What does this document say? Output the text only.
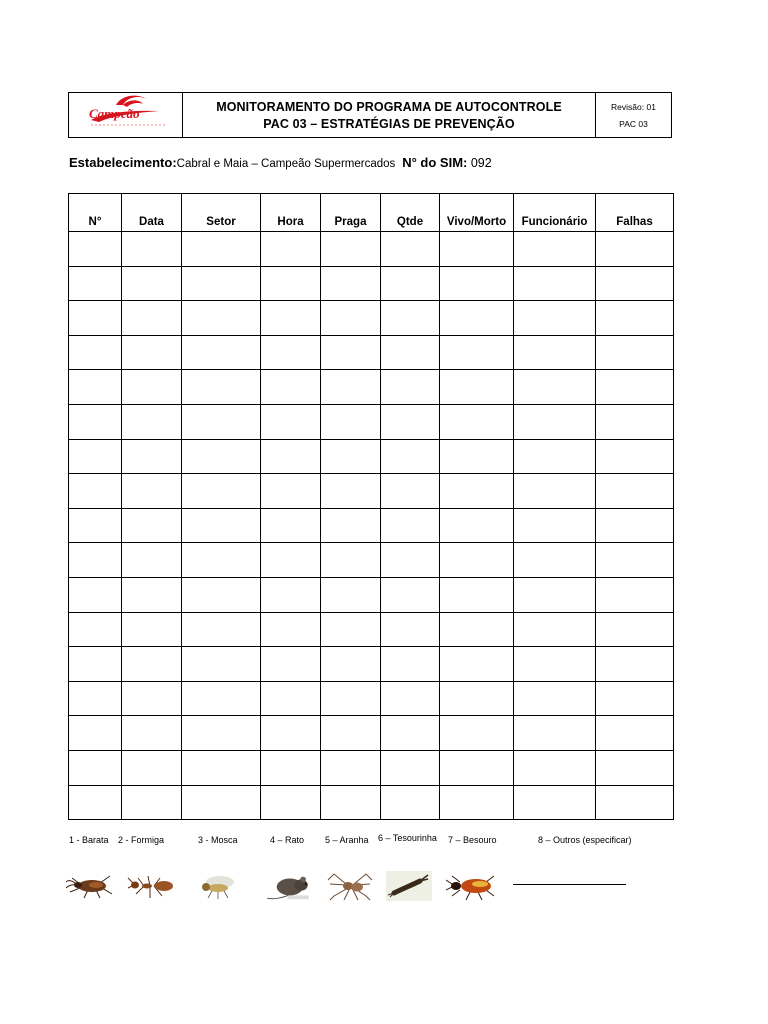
Campeão	MONITORAMENTO DO PROGRAMA DE AUTOCONTROLE
PAC 03 – ESTRATÉGIAS DE PREVENÇÃO
Revisão: 01
PAC 03
Estabelecimento:Cabral e Maia – Campeão Supermercados N° do SIM: 092
N°	Data	Setor	Hora	Praga	Qtde	Vivo/Morto	Funcionário	Falhas

1 - Barata 2 - Formiga	3 - Mosca	4 – Rato 5 – Aranha 6 – Tesourinha 7 – Besouro	8 – Outros (especificar)
